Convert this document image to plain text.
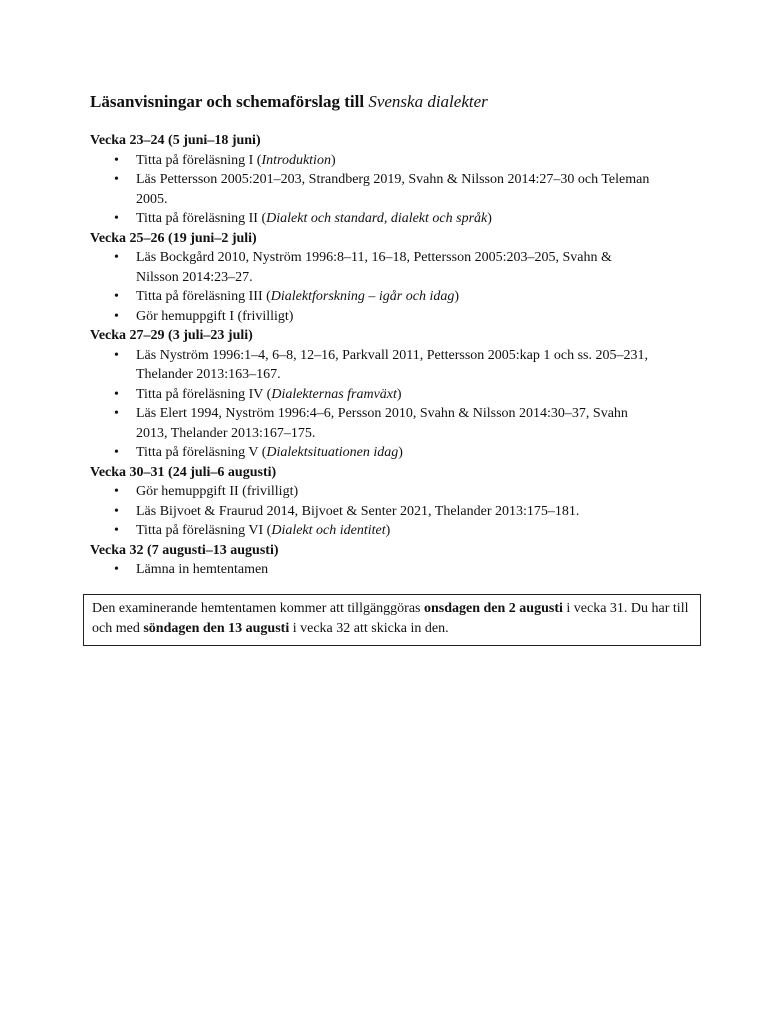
Läsanvisningar och schemaförslag till Svenska dialekter

Vecka 23–24 (5 juni–18 juni)

• Titta på föreläsning I (Introduktion)
• Läs Pettersson 2005:201–203, Strandberg 2019, Svahn & Nilsson 2014:27–30 och Teleman 2005.
• Titta på föreläsning II (Dialekt och standard, dialekt och språk)

Vecka 25–26 (19 juni–2 juli)

• Läs Bockgård 2010, Nyström 1996:8–11, 16–18, Pettersson 2005:203–205, Svahn & Nilsson 2014:23–27.
• Titta på föreläsning III (Dialektforskning – igår och idag)
• Gör hemuppgift I (frivilligt)

Vecka 27–29 (3 juli–23 juli)

• Läs Nyström 1996:1–4, 6–8, 12–16, Parkvall 2011, Pettersson 2005:kap 1 och ss. 205–231, Thelander 2013:163–167.
• Titta på föreläsning IV (Dialekternas framväxt)
• Läs Elert 1994, Nyström 1996:4–6, Persson 2010, Svahn & Nilsson 2014:30–37, Svahn 2013, Thelander 2013:167–175.
• Titta på föreläsning V (Dialektsituationen idag)

Vecka 30–31 (24 juli–6 augusti)

• Gör hemuppgift II (frivilligt)
• Läs Bijvoet & Fraurud 2014, Bijvoet & Senter 2021, Thelander 2013:175–181.
• Titta på föreläsning VI (Dialekt och identitet)

Vecka 32 (7 augusti–13 augusti)

• Lämna in hemtentamen
Den examinerande hemtentamen kommer att tillgänggöras onsdagen den 2 augusti i vecka 31. Du har till och med söndagen den 13 augusti i vecka 32 att skicka in den.
